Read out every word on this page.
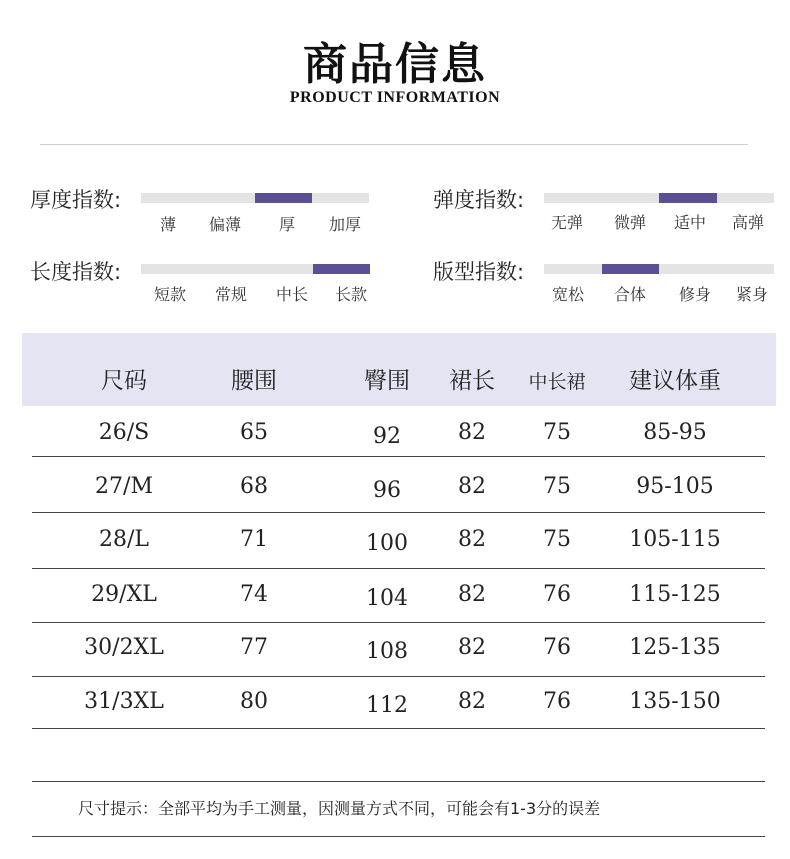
商品信息
PRODUCT INFORMATION
厚度指数:
薄	偏薄	厚	加厚
弹度指数:
无弹	微弹	适中	高弹
长度指数:
短款	常规	中长	长款
版型指数:
宽松	合体	修身	紧身
尺码	腰围	臀围 裙长 中长裙 建议体重
26/S	65	92	82	75	85-95
27/M	68	96	82	75	95-105
28/L	71	100 82	75	105-115
29/XL	74	104 82	76	115-125
30/2XL	77	108 82	76	125-135
31/3XL	80	112 82	76	135-150
尺寸提示：全部平均为手工测量，因测量方式不同，可能会有1-3分的误差
